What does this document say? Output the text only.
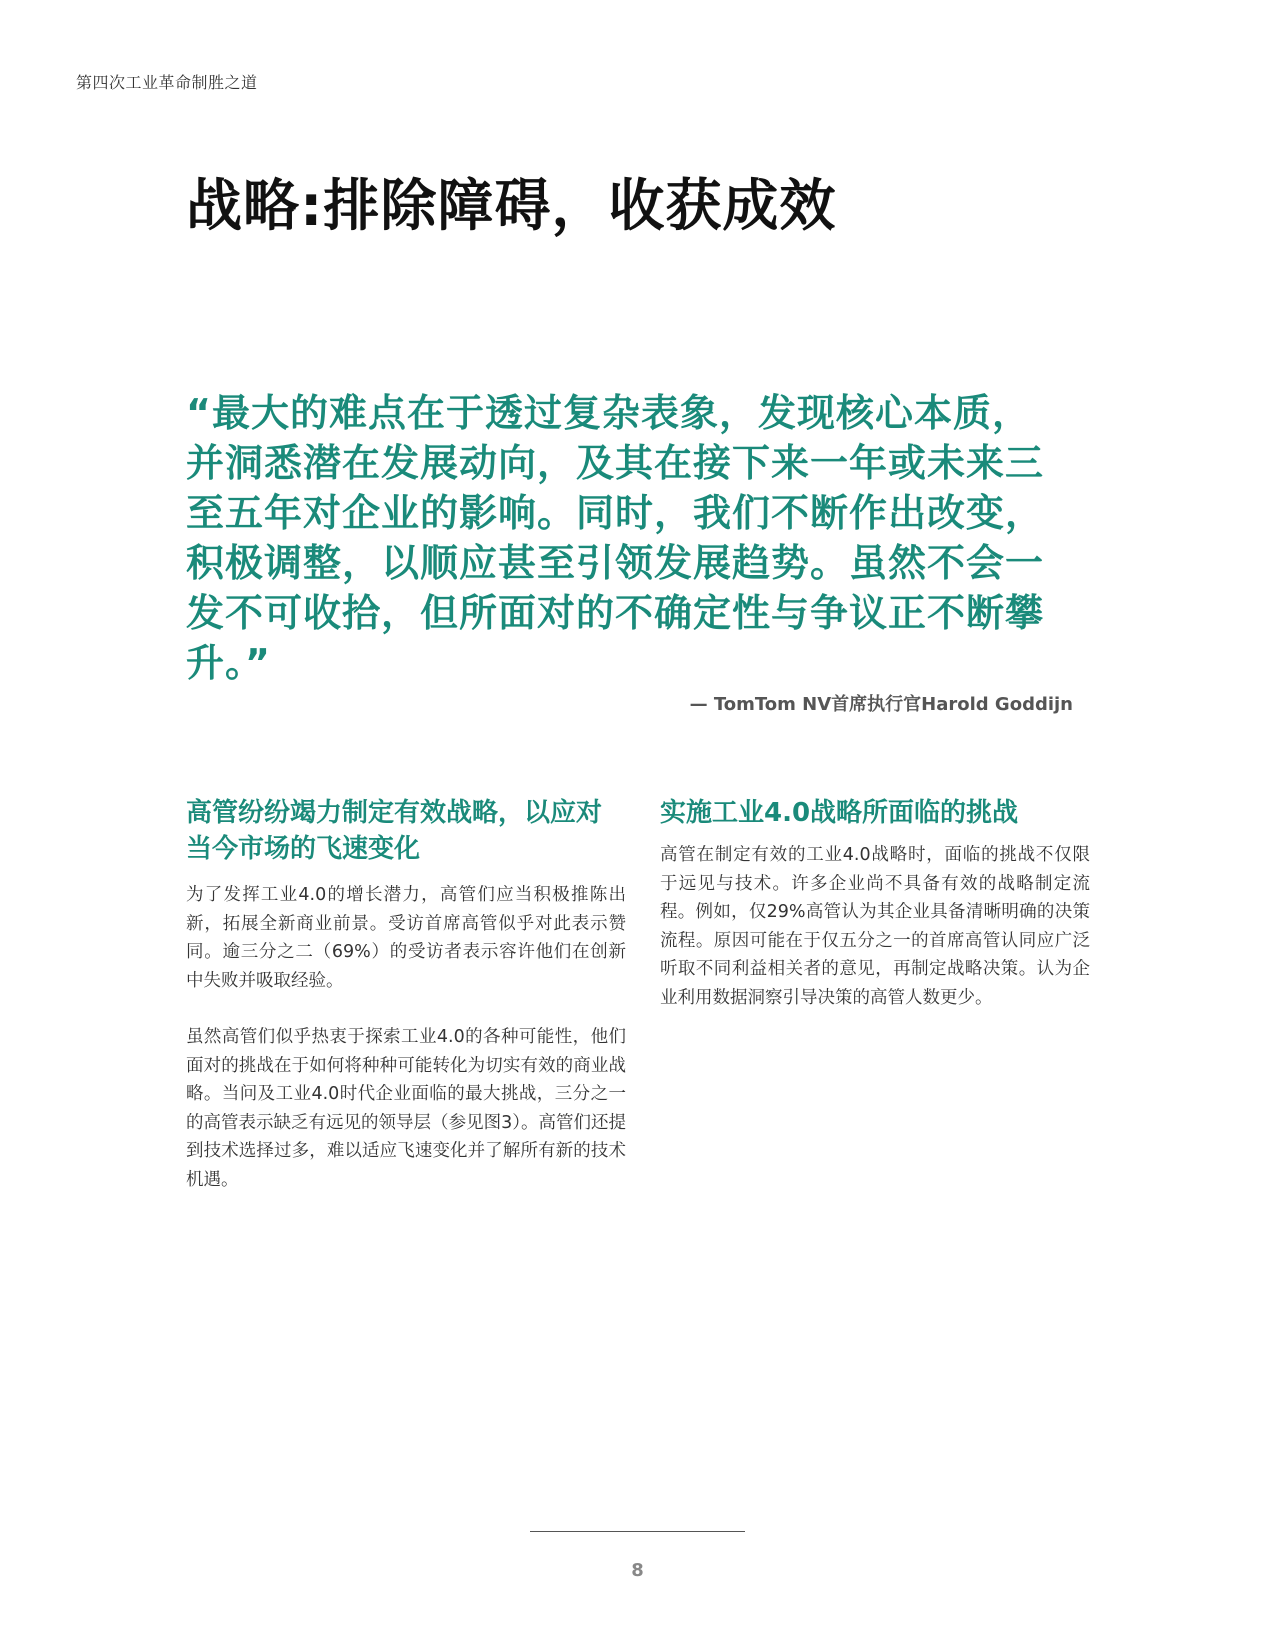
第四次工业革命制胜之道
战略:排除障碍，收获成效

“最大的难点在于透过复杂表象，发现核心本质，并洞悉潜在发展动向，及其在接下来一年或未来三至五年对企业的影响。同时，我们不断作出改变，积极调整，以顺应甚至引领发展趋势。虽然不会一发不可收拾，但所面对的不确定性与争议正不断攀升。”

— TomTom NV首席执行官Harold Goddijn
高管纷纷竭力制定有效战略，以应对当今市场的飞速变化

为了发挥工业4.0的增长潜力，高管们应当积极推陈出新，拓展全新商业前景。受访首席高管似乎对此表示赞同。逾三分之二（69%）的受访者表示容许他们在创新中失败并吸取经验。

虽然高管们似乎热衷于探索工业4.0的各种可能性，他们面对的挑战在于如何将种种可能转化为切实有效的商业战略。当问及工业4.0时代企业面临的最大挑战，三分之一的高管表示缺乏有远见的领导层（参见图3）。高管们还提到技术选择过多，难以适应飞速变化并了解所有新的技术机遇。

实施工业4.0战略所面临的挑战

高管在制定有效的工业4.0战略时，面临的挑战不仅限于远见与技术。许多企业尚不具备有效的战略制定流程。例如，仅29%高管认为其企业具备清晰明确的决策流程。原因可能在于仅五分之一的首席高管认同应广泛听取不同利益相关者的意见，再制定战略决策。认为企业利用数据洞察引导决策的高管人数更少。

8
